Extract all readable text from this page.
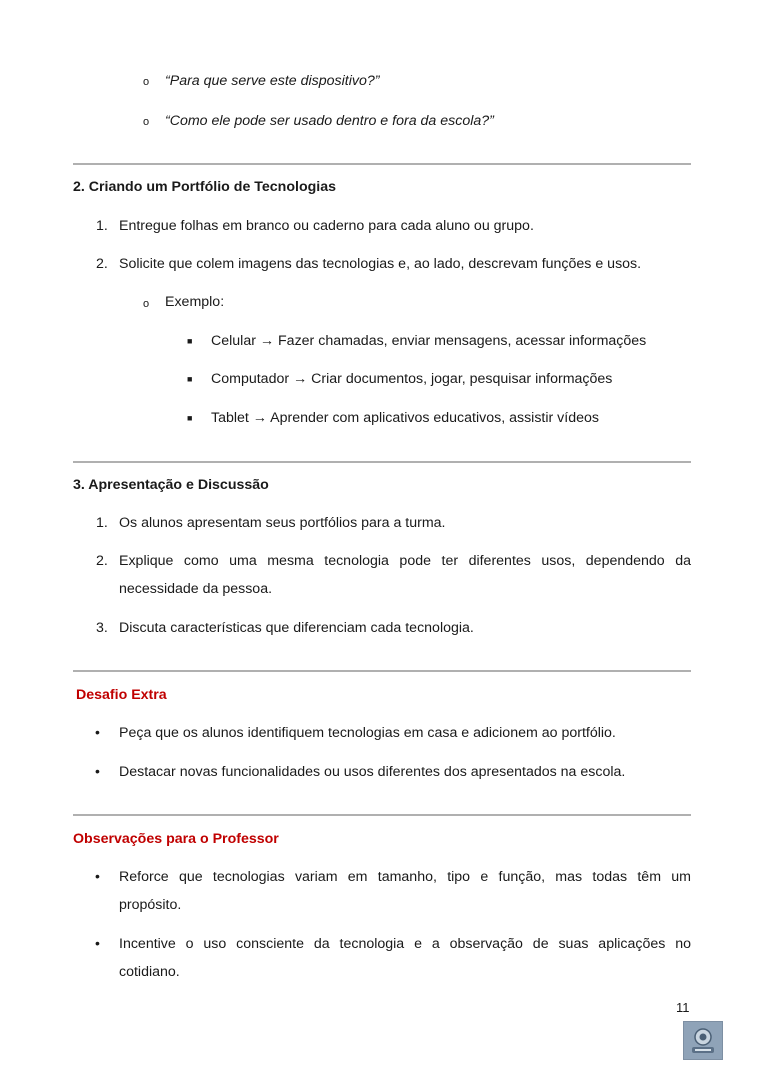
o “Para que serve este dispositivo?”
o “Como ele pode ser usado dentro e fora da escola?”
2. Criando um Portfólio de Tecnologias
1. Entregue folhas em branco ou caderno para cada aluno ou grupo.
2. Solicite que colem imagens das tecnologias e, ao lado, descrevam funções e usos.
o Exemplo:
■ Celular → Fazer chamadas, enviar mensagens, acessar informações
■ Computador → Criar documentos, jogar, pesquisar informações
■ Tablet → Aprender com aplicativos educativos, assistir vídeos
3. Apresentação e Discussão
1. Os alunos apresentam seus portfólios para a turma.
2. Explique como uma mesma tecnologia pode ter diferentes usos, dependendo da
necessidade da pessoa.
3. Discuta características que diferenciam cada tecnologia.
Desafio Extra
• Peça que os alunos identifiquem tecnologias em casa e adicionem ao portfólio.
• Destacar novas funcionalidades ou usos diferentes dos apresentados na escola.
Observações para o Professor
• Reforce que tecnologias variam em tamanho, tipo e função, mas todas têm um
propósito.
• Incentive o uso consciente da tecnologia e a observação de suas aplicações no
cotidiano.
11
